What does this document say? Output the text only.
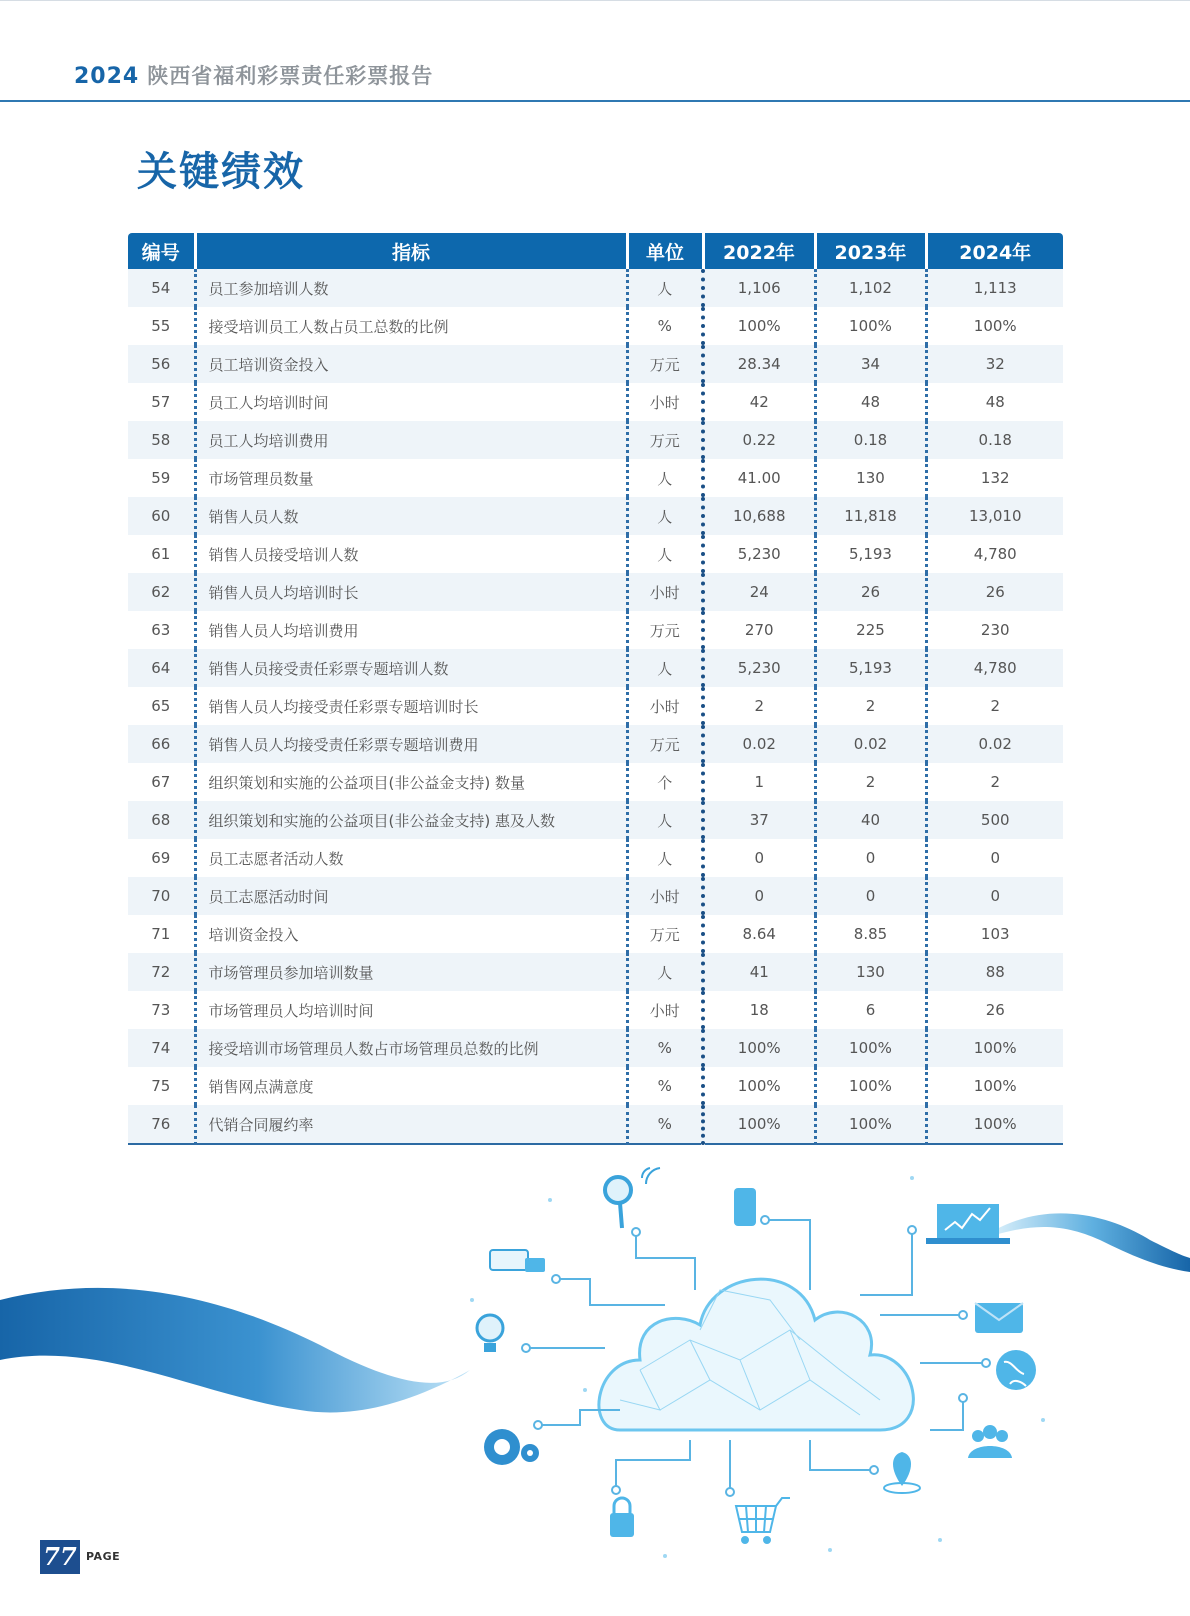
2024 陕西省福利彩票责任彩票报告
关键绩效
编号	指标	单位	2022年	2023年	2024年
54	员工参加培训人数	人	1,106	1,102	1,113
55	接受培训员工人数占员工总数的比例	%	100%	100%	100%
56	员工培训资金投入	万元	28.34	34	32
57	员工人均培训时间	小时	42	48	48
58	员工人均培训费用	万元	0.22	0.18	0.18
59	市场管理员数量	人	41.00	130	132
60	销售人员人数	人	10,688	11,818	13,010
61	销售人员接受培训人数	人	5,230	5,193	4,780
62	销售人员人均培训时长	小时	24	26	26
63	销售人员人均培训费用	万元	270	225	230
64	销售人员接受责任彩票专题培训人数	人	5,230	5,193	4,780
65	销售人员人均接受责任彩票专题培训时长	小时	2	2	2
66	销售人员人均接受责任彩票专题培训费用	万元	0.02	0.02	0.02
67	组织策划和实施的公益项目(非公益金支持) 数量	个	1	2	2
68	组织策划和实施的公益项目(非公益金支持) 惠及人数	人	37	40	500
69	员工志愿者活动人数	人	0	0	0
70	员工志愿活动时间	小时	0	0	0
71	培训资金投入	万元	8.64	8.85	103
72	市场管理员参加培训数量	人	41	130	88
73	市场管理员人均培训时间	小时	18	6	26
74	接受培训市场管理员人数占市场管理员总数的比例	%	100%	100%	100%
75	销售网点满意度	%	100%	100%	100%
76	代销合同履约率	%	100%	100%	100%
77 PAGE
